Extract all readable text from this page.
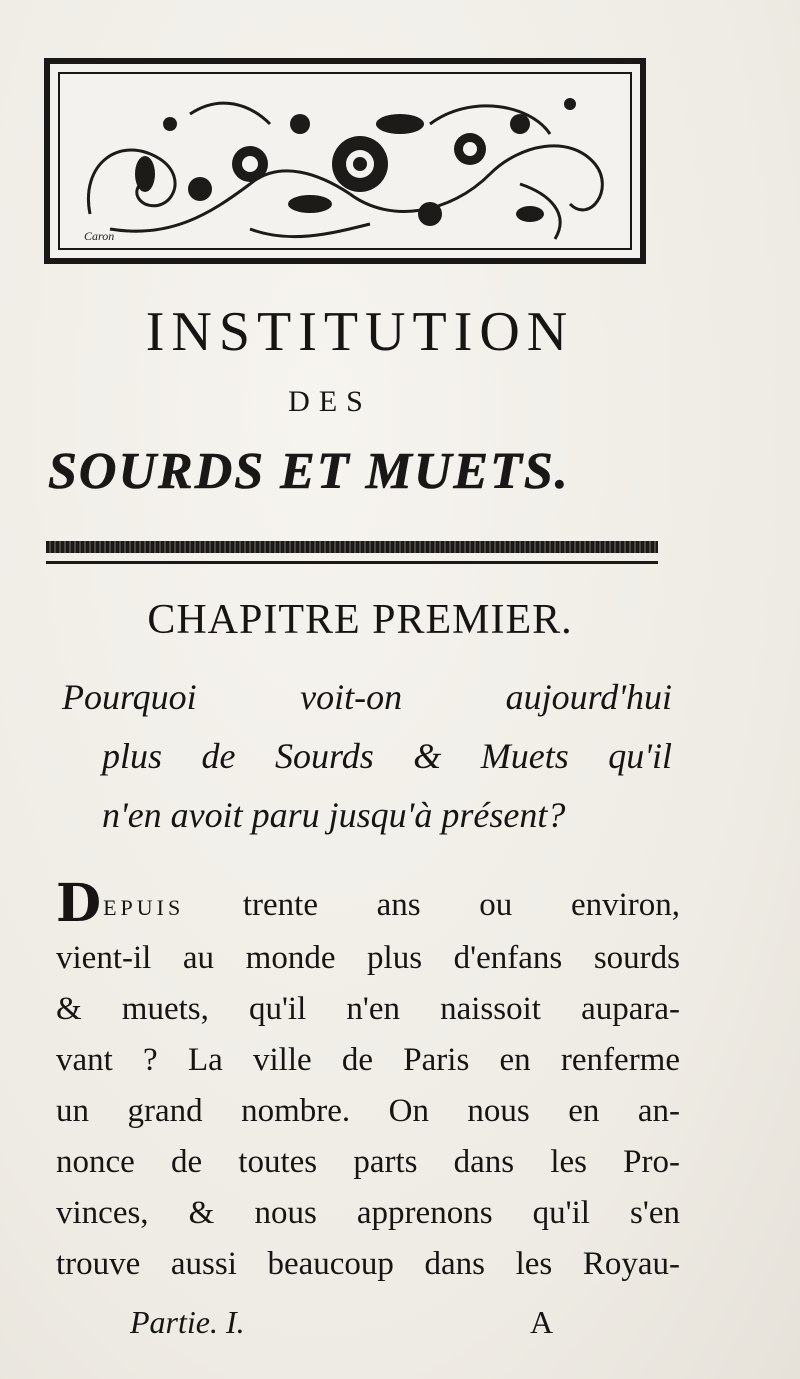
Caron
INSTITUTION
DES
SOURDS ET MUETS.
CHAPITRE PREMIER.
Pourquoi voit-on aujourd'hui
plus de Sourds & Muets qu'il
n'en avoit paru jusqu'à présent?
DEPUIS trente ans ou environ,
vient-il au monde plus d'enfans sourds
& muets, qu'il n'en naissoit aupara-
vant ? La ville de Paris en renferme
un grand nombre. On nous en an-
nonce de toutes parts dans les Pro-
vinces, & nous apprenons qu'il s'en
trouve aussi beaucoup dans les Royau-
Partie. I.	A
